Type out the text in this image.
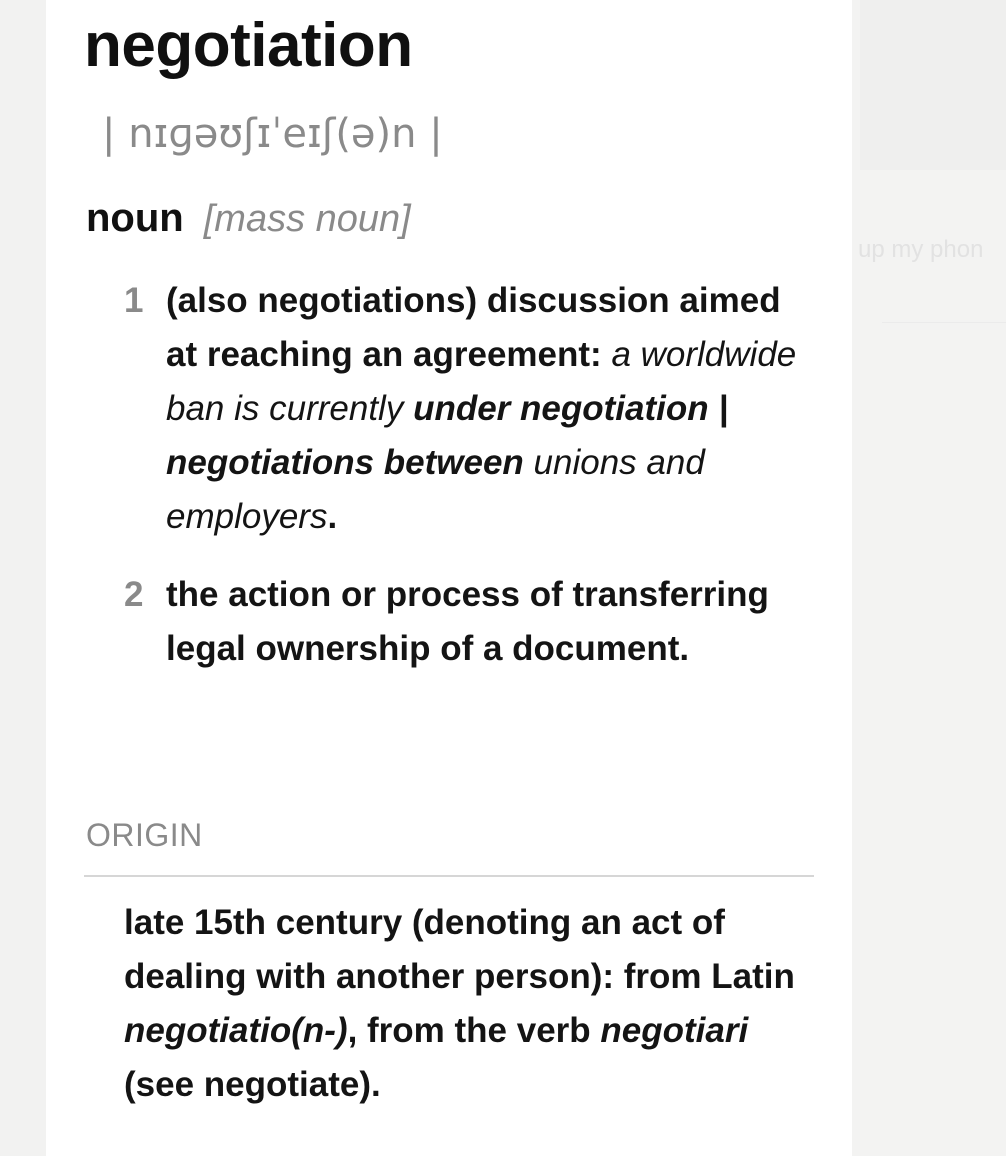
up my phon
negotiation
| nɪɡəʊʃɪˈeɪʃ(ə)n |
noun [mass noun]
1 (also negotiations) discussion aimed at reaching an agreement: a worldwide ban is currently under negotiation | negotiations between unions and employers.
2 the action or process of transferring legal ownership of a document.
ORIGIN
late 15th century (denoting an act of dealing with another person): from Latin negotiatio(n-), from the verb negotiari (see negotiate).
